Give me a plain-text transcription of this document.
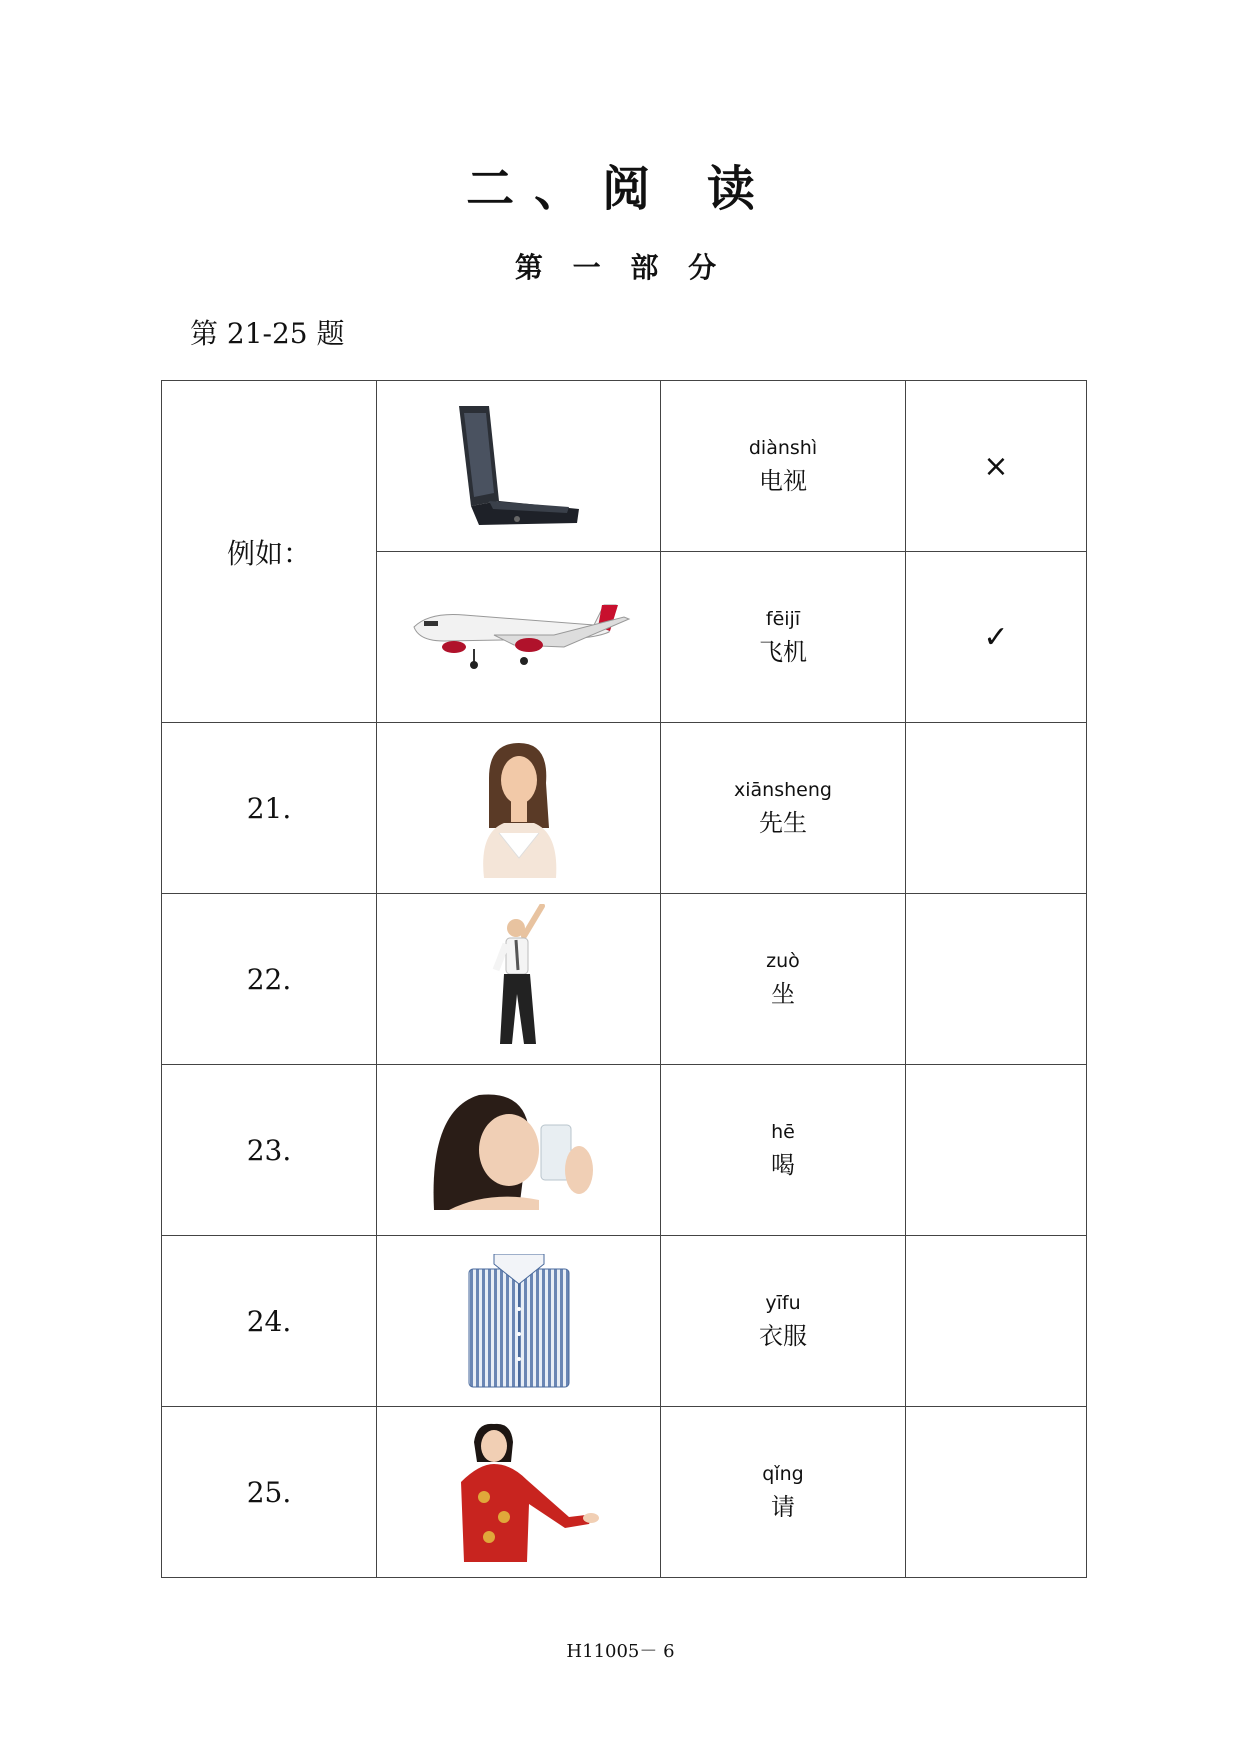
二、阅 读
第 一 部 分
第 21-25 题
例如：		diànshì
电视	×

fēijī
飞机	✓
21.		xiānsheng
先生	

22.		zuò
坐	

23.		hē
喝	

24.		yīfu
衣服	

25.		qǐng
请	

H11005－ 6
